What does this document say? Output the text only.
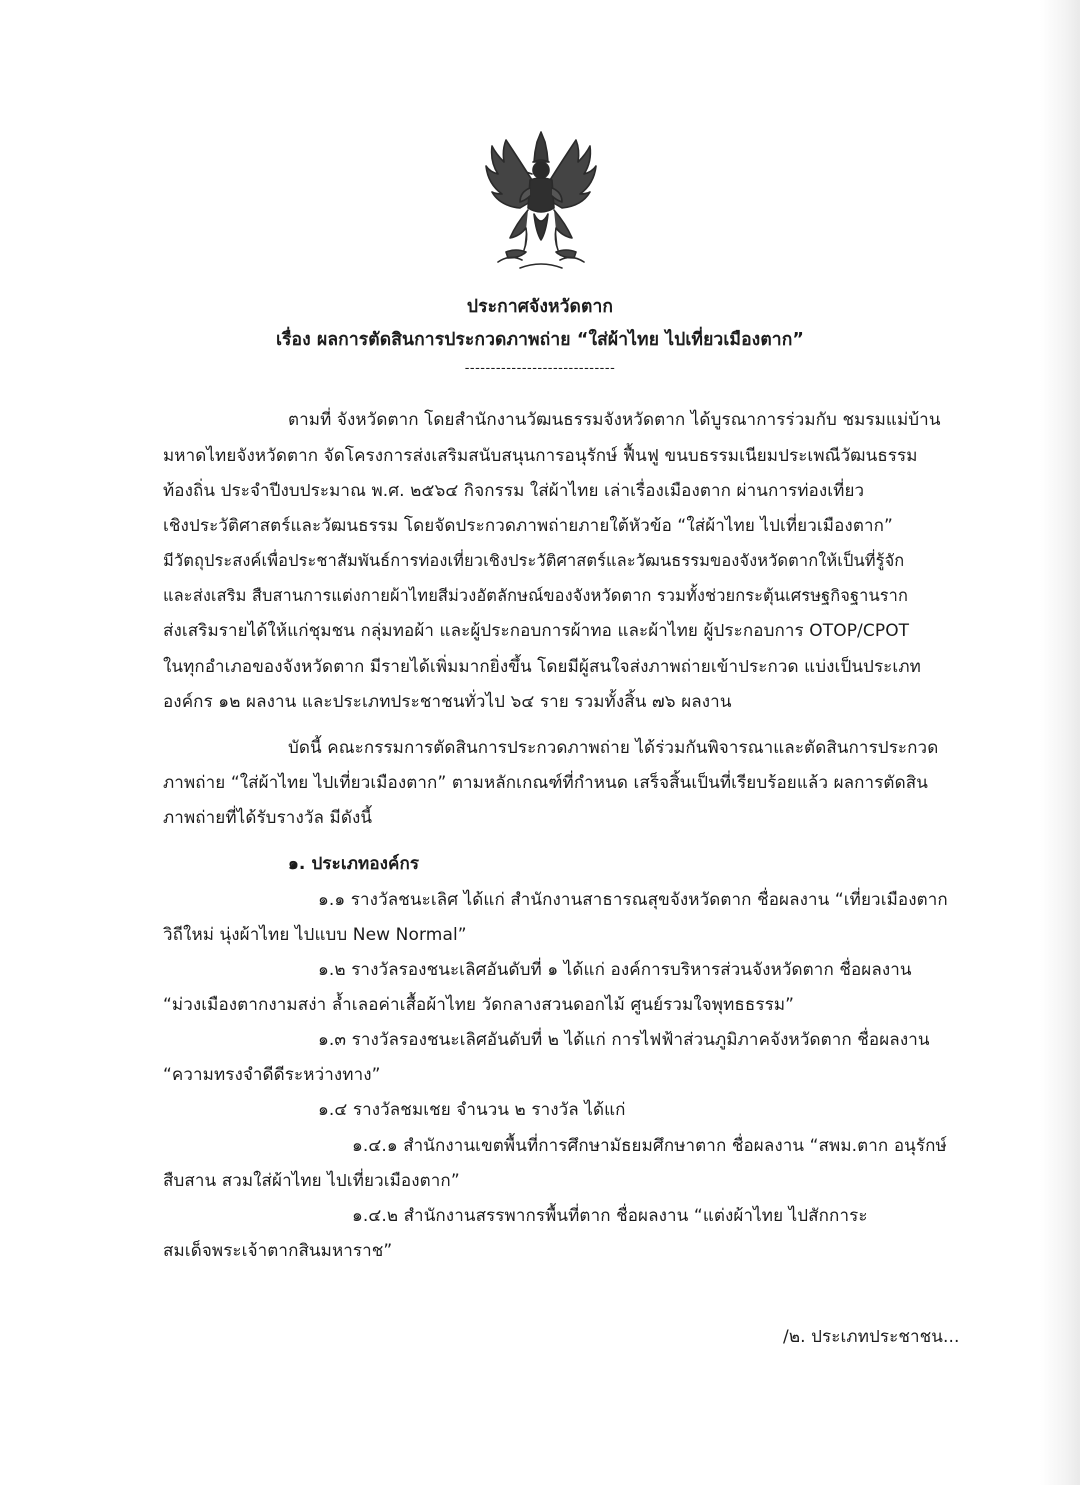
ประกาศจังหวัดตาก
เรื่อง ผลการตัดสินการประกวดภาพถ่าย “ใส่ผ้าไทย ไปเที่ยวเมืองตาก”
-----------------------------
ตามที่ จังหวัดตาก โดยสำนักงานวัฒนธรรมจังหวัดตาก ได้บูรณาการร่วมกับ ชมรมแม่บ้าน
มหาดไทยจังหวัดตาก จัดโครงการส่งเสริมสนับสนุนการอนุรักษ์ ฟื้นฟู ขนบธรรมเนียมประเพณีวัฒนธรรม
ท้องถิ่น ประจำปีงบประมาณ พ.ศ. ๒๕๖๔ กิจกรรม ใส่ผ้าไทย เล่าเรื่องเมืองตาก ผ่านการท่องเที่ยว
เชิงประวัติศาสตร์และวัฒนธรรม โดยจัดประกวดภาพถ่ายภายใต้หัวข้อ “ใส่ผ้าไทย ไปเที่ยวเมืองตาก”
มีวัตถุประสงค์เพื่อประชาสัมพันธ์การท่องเที่ยวเชิงประวัติศาสตร์และวัฒนธรรมของจังหวัดตากให้เป็นที่รู้จัก
และส่งเสริม สืบสานการแต่งกายผ้าไทยสีม่วงอัตลักษณ์ของจังหวัดตาก รวมทั้งช่วยกระตุ้นเศรษฐกิจฐานราก
ส่งเสริมรายได้ให้แก่ชุมชน กลุ่มทอผ้า และผู้ประกอบการผ้าทอ และผ้าไทย ผู้ประกอบการ OTOP/CPOT
ในทุกอำเภอของจังหวัดตาก มีรายได้เพิ่มมากยิ่งขึ้น โดยมีผู้สนใจส่งภาพถ่ายเข้าประกวด แบ่งเป็นประเภท
องค์กร ๑๒ ผลงาน และประเภทประชาชนทั่วไป ๖๔ ราย รวมทั้งสิ้น ๗๖ ผลงาน
บัดนี้ คณะกรรมการตัดสินการประกวดภาพถ่าย ได้ร่วมกันพิจารณาและตัดสินการประกวด
ภาพถ่าย “ใส่ผ้าไทย ไปเที่ยวเมืองตาก” ตามหลักเกณฑ์ที่กำหนด เสร็จสิ้นเป็นที่เรียบร้อยแล้ว ผลการตัดสิน
ภาพถ่ายที่ได้รับรางวัล มีดังนี้
๑. ประเภทองค์กร
๑.๑ รางวัลชนะเลิศ ได้แก่ สำนักงานสาธารณสุขจังหวัดตาก ชื่อผลงาน “เที่ยวเมืองตาก
วิถีใหม่ นุ่งผ้าไทย ไปแบบ New Normal”
๑.๒ รางวัลรองชนะเลิศอันดับที่ ๑ ได้แก่ องค์การบริหารส่วนจังหวัดตาก ชื่อผลงาน
“ม่วงเมืองตากงามสง่า ล้ำเลอค่าเสื้อผ้าไทย วัดกลางสวนดอกไม้ ศูนย์รวมใจพุทธธรรม”
๑.๓ รางวัลรองชนะเลิศอันดับที่ ๒ ได้แก่ การไฟฟ้าส่วนภูมิภาคจังหวัดตาก ชื่อผลงาน
“ความทรงจำดีดีระหว่างทาง”
๑.๔ รางวัลชมเชย จำนวน ๒ รางวัล ได้แก่
๑.๔.๑ สำนักงานเขตพื้นที่การศึกษามัธยมศึกษาตาก ชื่อผลงาน “สพม.ตาก อนุรักษ์
สืบสาน สวมใส่ผ้าไทย ไปเที่ยวเมืองตาก”
๑.๔.๒ สำนักงานสรรพากรพื้นที่ตาก ชื่อผลงาน “แต่งผ้าไทย ไปสักการะ
สมเด็จพระเจ้าตากสินมหาราช”
/๒. ประเภทประชาชน...
